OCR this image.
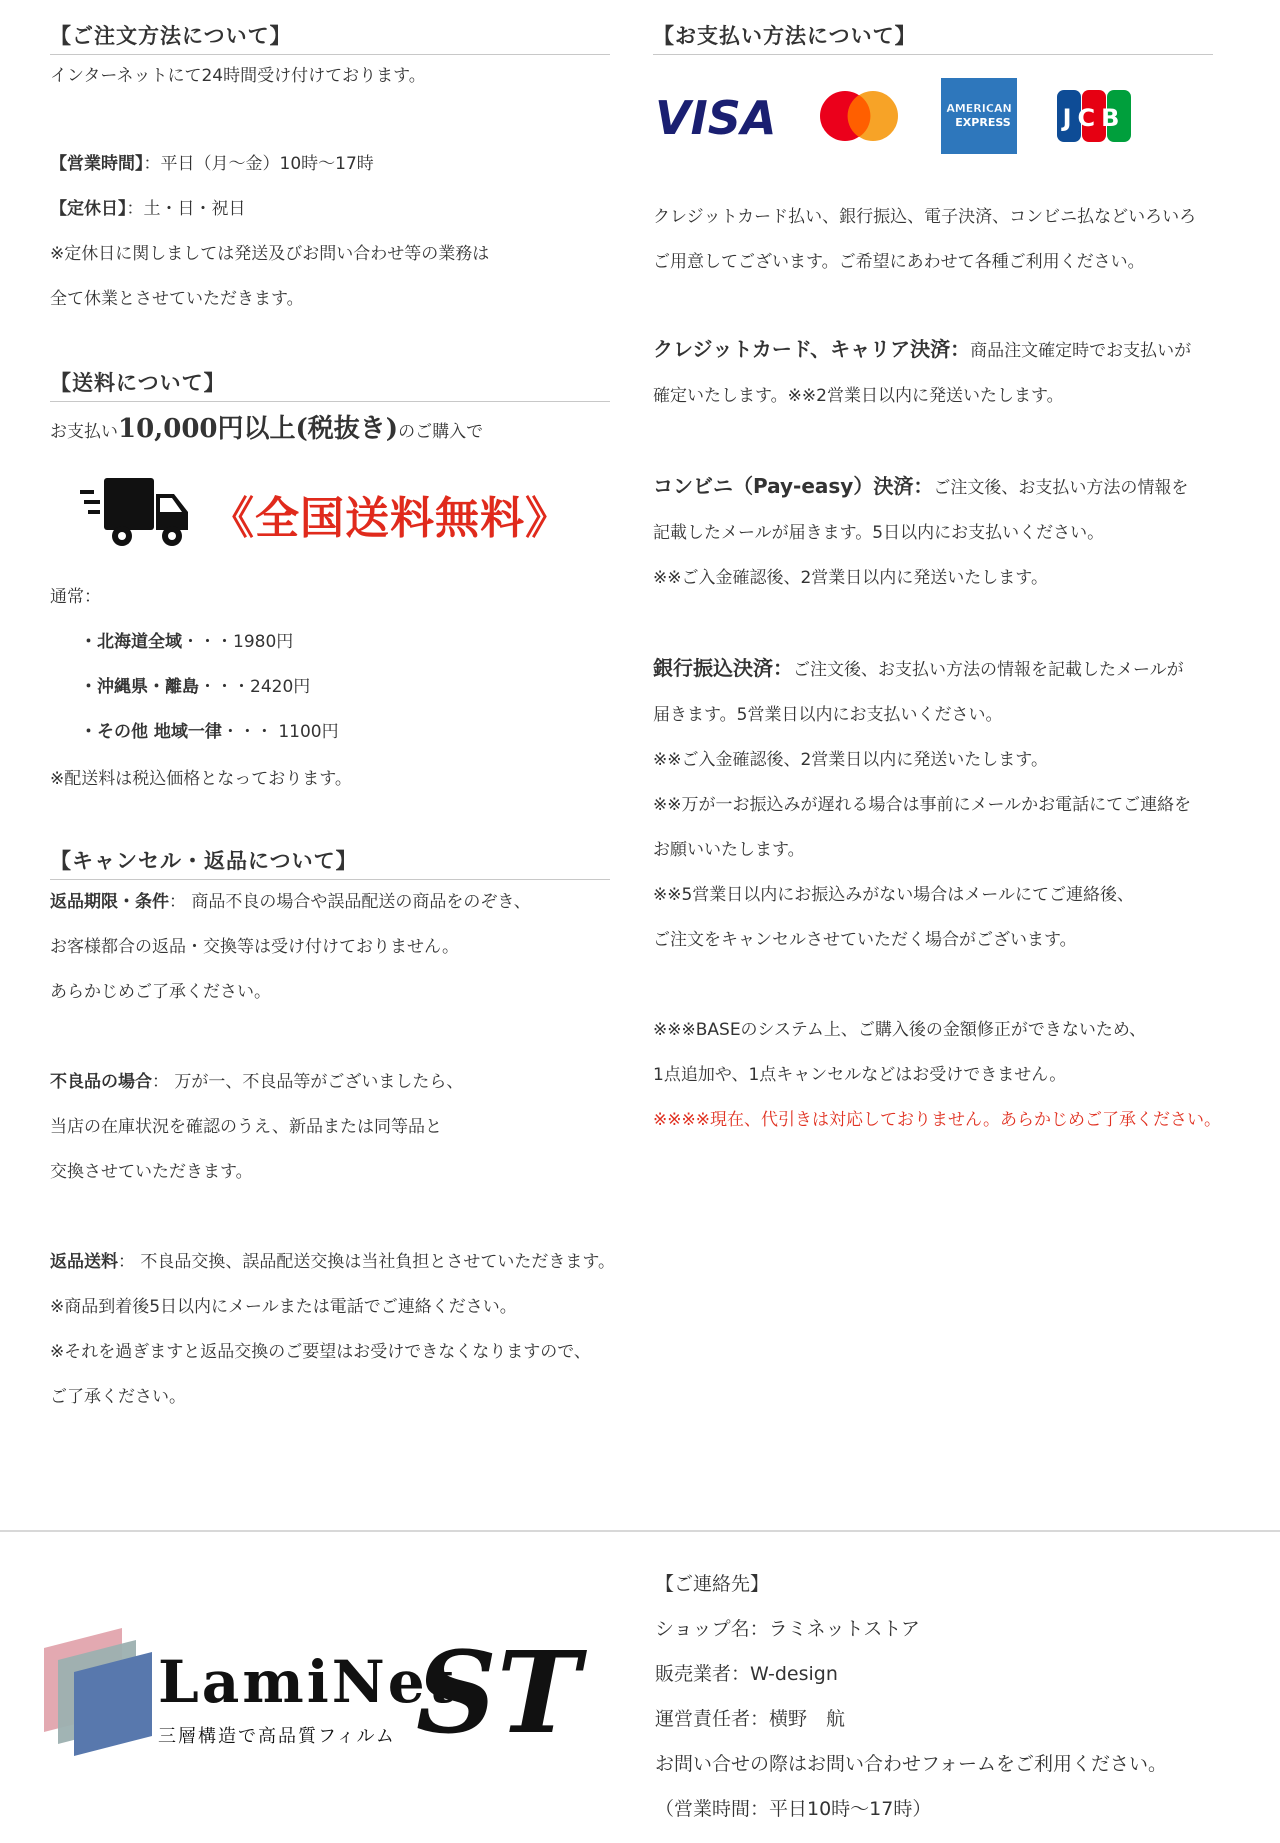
【ご注文方法について】
インターネットにて24時間受け付けております。
【営業時間】：平日（月〜金）10時〜17時
【定休日】：土・日・祝日
※定休日に関しましては発送及びお問い合わせ等の業務は
全て休業とさせていただきます。
【送料について】
お支払い10,000円以上(税抜き)のご購入で
《全国送料無料》
通常：
・北海道全域・・・1980円
・沖縄県・離島・・・2420円
・その他 地域一律・・・ 1100円
※配送料は税込価格となっております。
【キャンセル・返品について】
返品期限・条件： 商品不良の場合や誤品配送の商品をのぞき、
お客様都合の返品・交換等は受け付けておりません。
あらかじめご了承ください。
不良品の場合： 万が一、不良品等がございましたら、
当店の在庫状況を確認のうえ、新品または同等品と
交換させていただきます。
返品送料： 不良品交換、誤品配送交換は当社負担とさせていただきます。
※商品到着後5日以内にメールまたは電話でご連絡ください。
※それを過ぎますと返品交換のご要望はお受けできなくなりますので、
ご了承ください。
【お支払い方法について】
VISA	AMERICAN
EXPRESS JCB
クレジットカード払い、銀行振込、電子決済、コンビニ払などいろいろ
ご用意してございます。ご希望にあわせて各種ご利用ください。
クレジットカード、キャリア決済：商品注文確定時でお支払いが
確定いたします。※※2営業日以内に発送いたします。
コンビニ（Pay-easy）決済：ご注文後、お支払い方法の情報を
記載したメールが届きます。5日以内にお支払いください。
※※ご入金確認後、2営業日以内に発送いたします。
銀行振込決済：ご注文後、お支払い方法の情報を記載したメールが
届きます。5営業日以内にお支払いください。
※※ご入金確認後、2営業日以内に発送いたします。
※※万が一お振込みが遅れる場合は事前にメールかお電話にてご連絡を
お願いいたします。
※※5営業日以内にお振込みがない場合はメールにてご連絡後、
ご注文をキャンセルさせていただく場合がございます。
※※※BASEのシステム上、ご購入後の金額修正ができないため、
1点追加や、1点キャンセルなどはお受けできません。
※※※※現在、代引きは対応しておりません。あらかじめご了承ください。
LamiNet
ST
三層構造で高品質フィルム
【ご連絡先】
ショップ名：ラミネットストア
販売業者：W-design
運営責任者：横野　航
お問い合せの際はお問い合わせフォームをご利用ください。
（営業時間：平日10時〜17時）
